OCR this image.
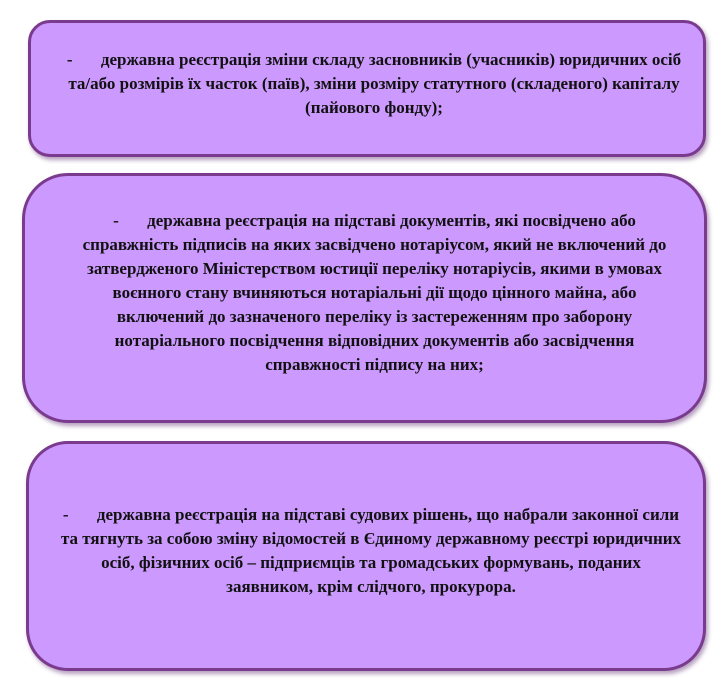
- державна реєстрація зміни складу засновників (учасників) юридичних осіб та/або розмірів їх часток (паїв), зміни розміру статутного (складеного) капіталу (пайового фонду);
- державна реєстрація на підставі документів, які посвідчено або справжність підписів на яких засвідчено нотаріусом, який не включений до затвердженого Міністерством юстиції переліку нотаріусів, якими в умовах воєнного стану вчиняються нотаріальні дії щодо цінного майна, або включений до зазначеного переліку із застереженням про заборону нотаріального посвідчення відповідних документів або засвідчення справжності підпису на них;
- державна реєстрація на підставі судових рішень, що набрали законної сили та тягнуть за собою зміну відомостей в Єдиному державному реєстрі юридичних осіб, фізичних осіб – підприємців та громадських формувань, поданих заявником, крім слідчого, прокурора.
